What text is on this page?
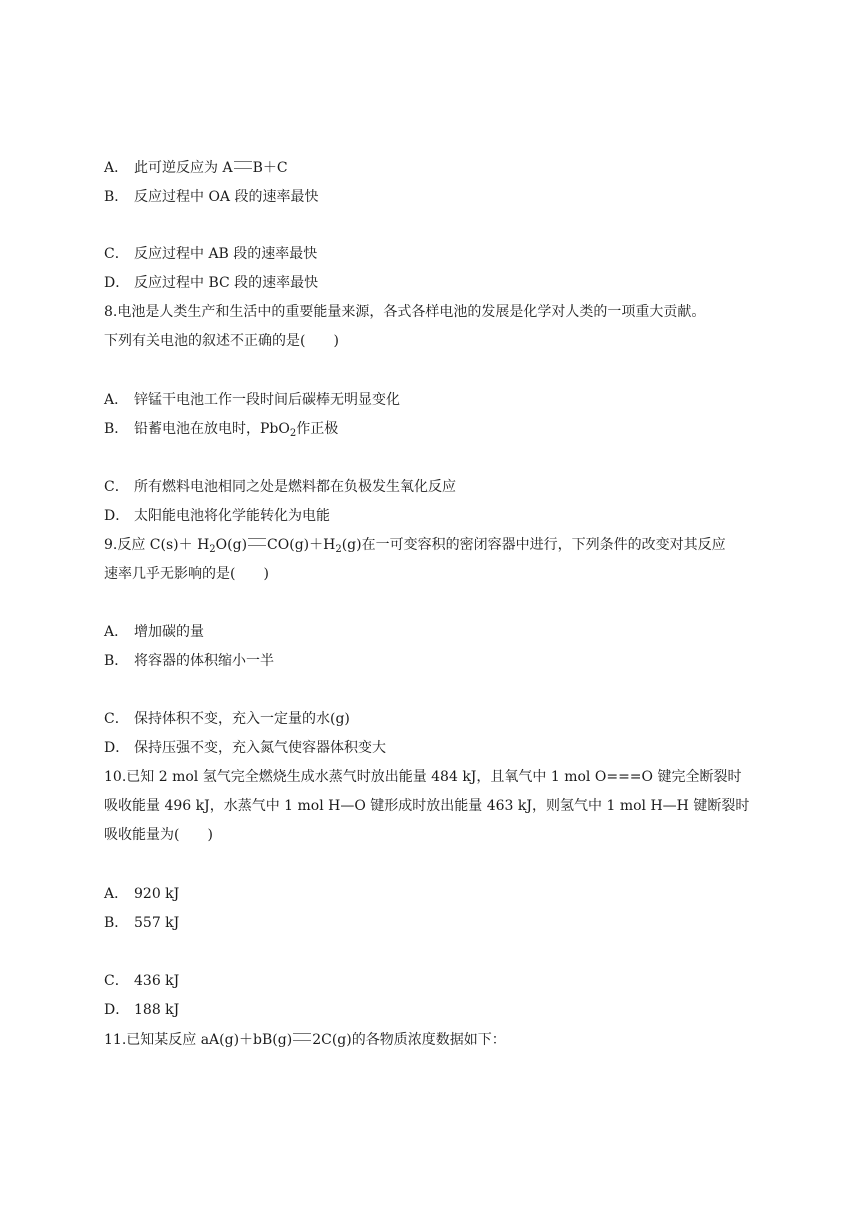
A． 此可逆反应为 A B＋C
B． 反应过程中 OA 段的速率最快
C． 反应过程中 AB 段的速率最快
D． 反应过程中 BC 段的速率最快
8.电池是人类生产和生活中的重要能量来源，各式各样电池的发展是化学对人类的一项重大贡献。
下列有关电池的叙述不正确的是(　　)
A． 锌锰干电池工作一段时间后碳棒无明显变化
B． 铅蓄电池在放电时，PbO$_2$作正极
C． 所有燃料电池相同之处是燃料都在负极发生氧化反应
D． 太阳能电池将化学能转化为电能
9.反应 $C(s)+ H_2O(g)$ $CO(g)+H_2(g)$在一可变容积的密闭容器中进行，下列条件的改变对其反应
速率几乎无影响的是(　　)
A． 增加碳的量
B． 将容器的体积缩小一半
C． 保持体积不变，充入一定量的水(g)
D． 保持压强不变，充入氮气使容器体积变大
10.已知 2 mol 氢气完全燃烧生成水蒸气时放出能量 484 kJ，且氧气中 1 mol O===O 键完全断裂时
吸收能量 496 kJ，水蒸气中 1 mol H—O 键形成时放出能量 463 kJ，则氢气中 1 mol H—H 键断裂时
吸收能量为(　　)
A． 920 kJ
B． 557 kJ
C． 436 kJ
D． 188 kJ
11.已知某反应 aA(g)＋bB(g) 2C(g)的各物质浓度数据如下：
